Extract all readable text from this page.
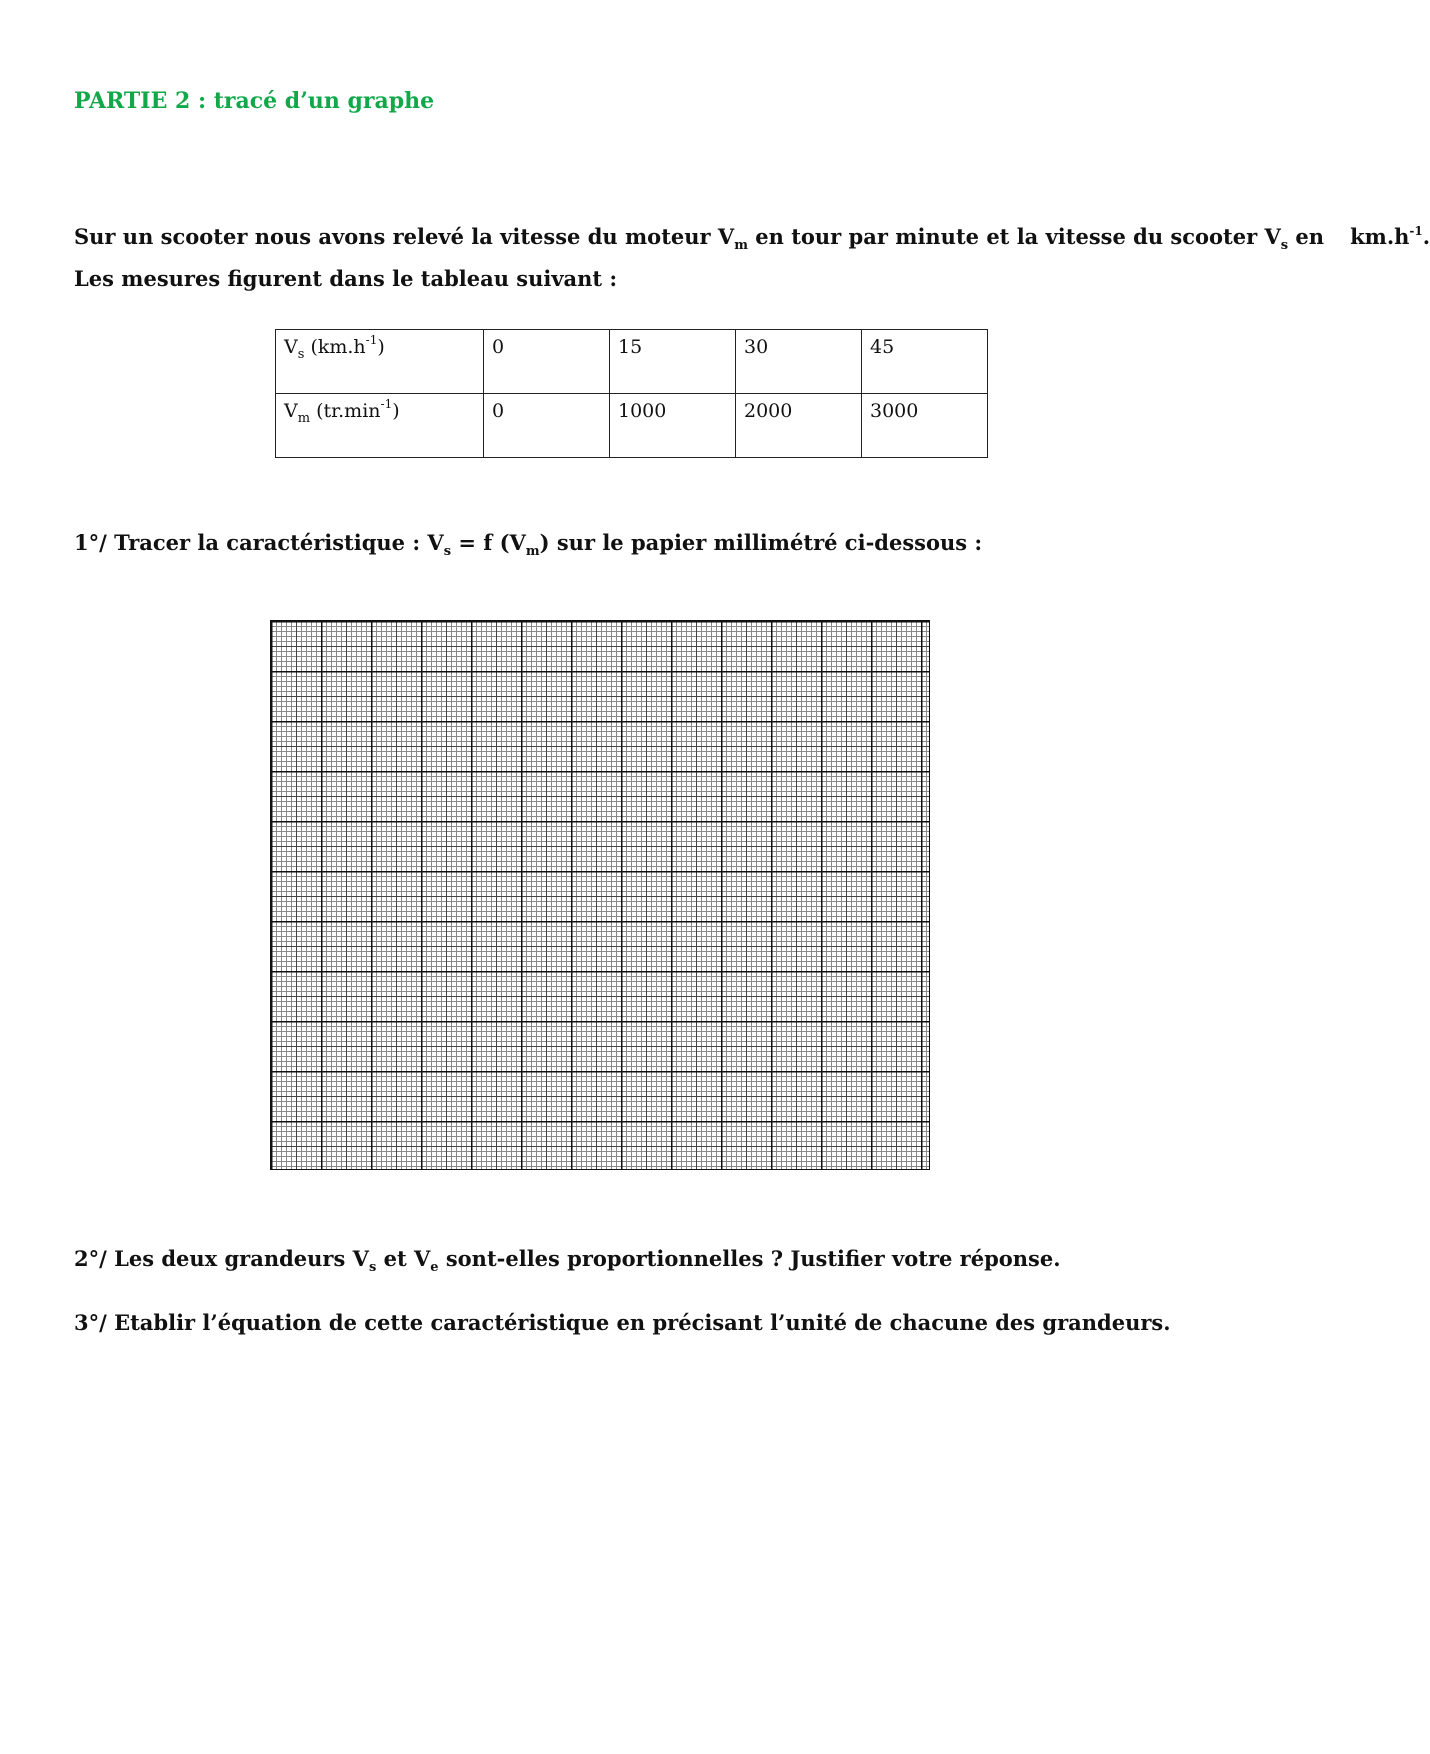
PARTIE 2 : tracé d’un graphe
Sur un scooter nous avons relevé la vitesse du moteur $V_m$ en tour par minute et la vitesse du scooter $V_s$ en $km.h^{-1}$.
Les mesures figurent dans le tableau suivant :
$V_s$ $(km.h^{-1})$	0	15	30	45
$V_m$ $(tr.\min^{-1})$	0	1000	2000	3000
1°/ Tracer la caractéristique : $V_s = f$ $(V_m)$ sur le papier millimétré ci-dessous :
2°/ Les deux grandeurs $V_s$ et $V_e$ sont-elles proportionnelles ? Justifier votre réponse.
3°/ Etablir l’équation de cette caractéristique en précisant l’unité de chacune des grandeurs.
